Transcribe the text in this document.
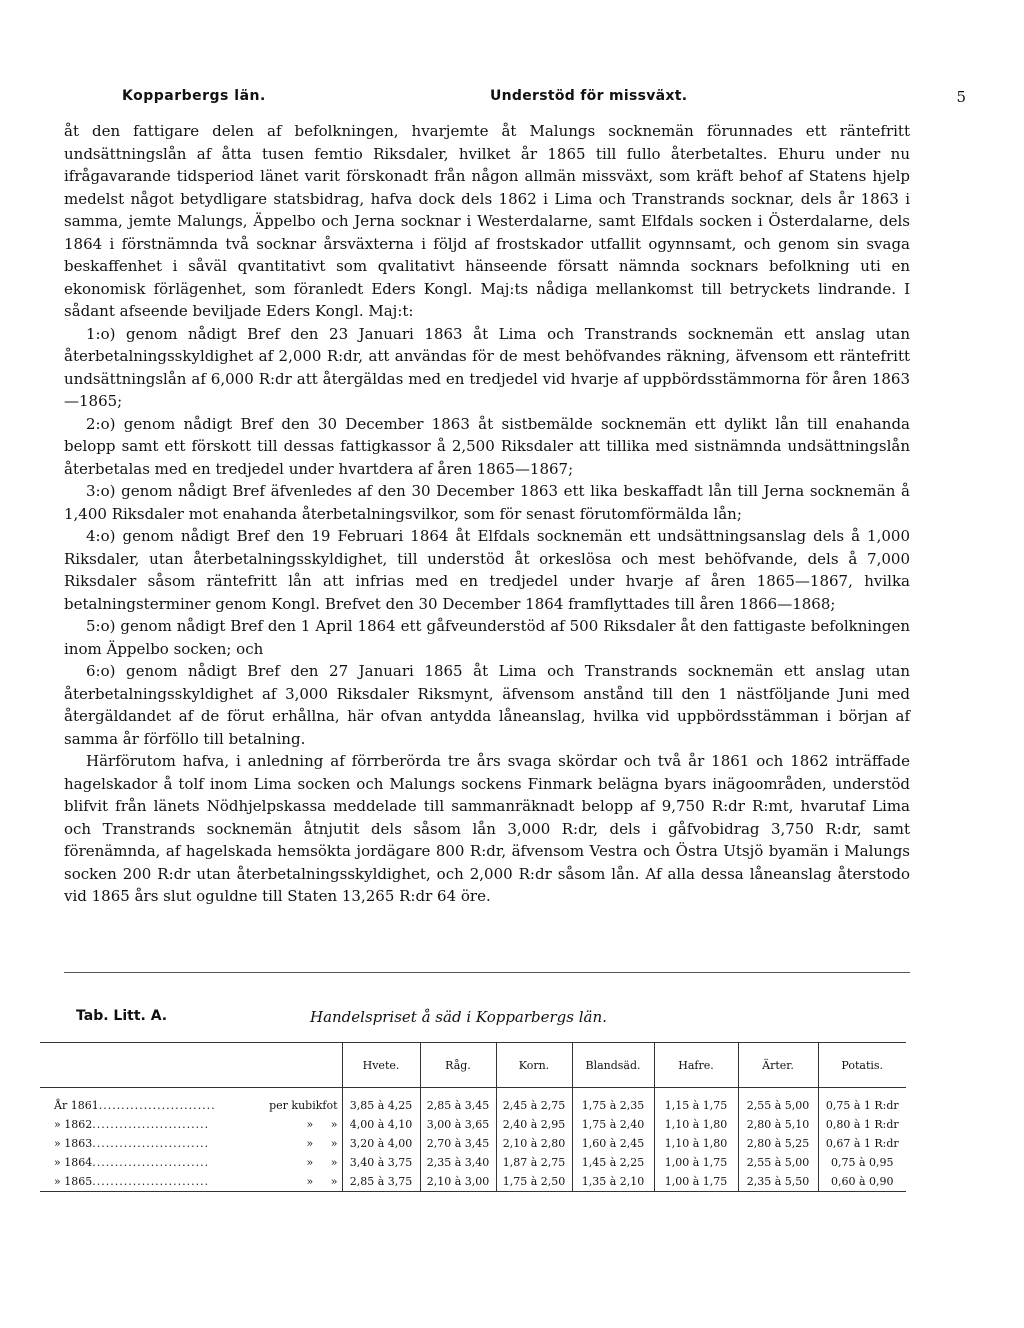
Kopparbergs län.	Understöd för missväxt.	5

åt den fattigare delen af befolkningen, hvarjemte åt Malungs socknemän förunnades ett räntefritt undsättningslån af åtta tusen femtio Riksdaler, hvilket år 1865 till fullo återbetaltes. Ehuru under nu ifrågavarande tidsperiod länet varit förskonadt från någon allmän missväxt, som kräft behof af Statens hjelp medelst något betydligare statsbidrag, hafva dock dels 1862 i Lima och Transtrands socknar, dels år 1863 i samma, jemte Malungs, Äppelbo och Jerna socknar i Westerdalarne, samt Elfdals socken i Österdalarne, dels 1864 i förstnämnda två socknar årsväxterna i följd af frostskador utfallit ogynnsamt, och genom sin svaga beskaffenhet i såväl qvantitativt som qvalitativt hänseende försatt nämnda socknars befolkning uti en ekonomisk förlägenhet, som föranledt Eders Kongl. Maj:ts nådiga mellankomst till betryckets lindrande. I sådant afseende beviljade Eders Kongl. Maj:t:

1:o) genom nådigt Bref den 23 Januari 1863 åt Lima och Transtrands socknemän ett anslag utan återbetalningsskyldighet af 2,000 R:dr, att användas för de mest behöfvandes räkning, äfvensom ett räntefritt undsättningslån af 6,000 R:dr att återgäldas med en tredjedel vid hvarje af uppbördsstämmorna för åren 1863—1865;

2:o) genom nådigt Bref den 30 December 1863 åt sistbemälde socknemän ett dylikt lån till enahanda belopp samt ett förskott till dessas fattigkassor å 2,500 Riksdaler att tillika med sistnämnda undsättningslån återbetalas med en tredjedel under hvartdera af åren 1865—1867;

3:o) genom nådigt Bref äfvenledes af den 30 December 1863 ett lika beskaffadt lån till Jerna socknemän å 1,400 Riksdaler mot enahanda återbetalningsvilkor, som för senast förutomförmälda lån;

4:o) genom nådigt Bref den 19 Februari 1864 åt Elfdals socknemän ett undsättningsanslag dels å 1,000 Riksdaler, utan återbetalningsskyldighet, till understöd åt orkeslösa och mest behöfvande, dels å 7,000 Riksdaler såsom räntefritt lån att infrias med en tredjedel under hvarje af åren 1865—1867, hvilka betalningsterminer genom Kongl. Brefvet den 30 December 1864 framflyttades till åren 1866—1868;

5:o) genom nådigt Bref den 1 April 1864 ett gåfveunderstöd af 500 Riksdaler åt den fattigaste befolkningen inom Äppelbo socken; och

6:o) genom nådigt Bref den 27 Januari 1865 åt Lima och Transtrands socknemän ett anslag utan återbetalningsskyldighet af 3,000 Riksdaler Riksmynt, äfvensom anstånd till den 1 nästföljande Juni med återgäldandet af de förut erhållna, här ofvan antydda låneanslag, hvilka vid uppbördsstämman i början af samma år förföllo till betalning.

Härförutom hafva, i anledning af förrberörda tre års svaga skördar och två år 1861 och 1862 inträffade hagelskador å tolf inom Lima socken och Malungs sockens Finmark belägna byars inägoområden, understöd blifvit från länets Nödhjelpskassa meddelade till sammanräknadt belopp af 9,750 R:dr R:mt, hvarutaf Lima och Transtrands socknemän åtnjutit dels såsom lån 3,000 R:dr, dels i gåfvobidrag 3,750 R:dr, samt förenämnda, af hagelskada hemsökta jordägare 800 R:dr, äfvensom Vestra och Östra Utsjö byamän i Malungs socken 200 R:dr utan återbetalningsskyldighet, och 2,000 R:dr såsom lån. Af alla dessa låneanslag återstodo vid 1865 års slut oguldne till Staten 13,265 R:dr 64 öre.

Tab. Litt. A.	Handelspriset å säd i Kopparbergs län.
		Hvete.	Råg.	Korn.	Blandsäd.	Hafre.	Ärter.	Potatis.

År 1861..........................	per kubikfot	3,85 à 4,25	2,85 à 3,45	2,45 à 2,75	1,75 à 2,35	1,15 à 1,75	2,55 à 5,00	0,75 à 1 R:dr
» 1862..........................	» »	4,00 à 4,10	3,00 à 3,65	2,40 à 2,95	1,75 à 2,40	1,10 à 1,80	2,80 à 5,10	0,80 à 1 R:dr
» 1863..........................	» »	3,20 à 4,00	2,70 à 3,45	2,10 à 2,80	1,60 à 2,45	1,10 à 1,80	2,80 à 5,25	0,67 à 1 R:dr
» 1864..........................	» »	3,40 à 3,75	2,35 à 3,40	1,87 à 2,75	1,45 à 2,25	1,00 à 1,75	2,55 à 5,00	0,75 à 0,95
» 1865..........................	» »	2,85 à 3,75	2,10 à 3,00	1,75 à 2,50	1,35 à 2,10	1,00 à 1,75	2,35 à 5,50	0,60 à 0,90
